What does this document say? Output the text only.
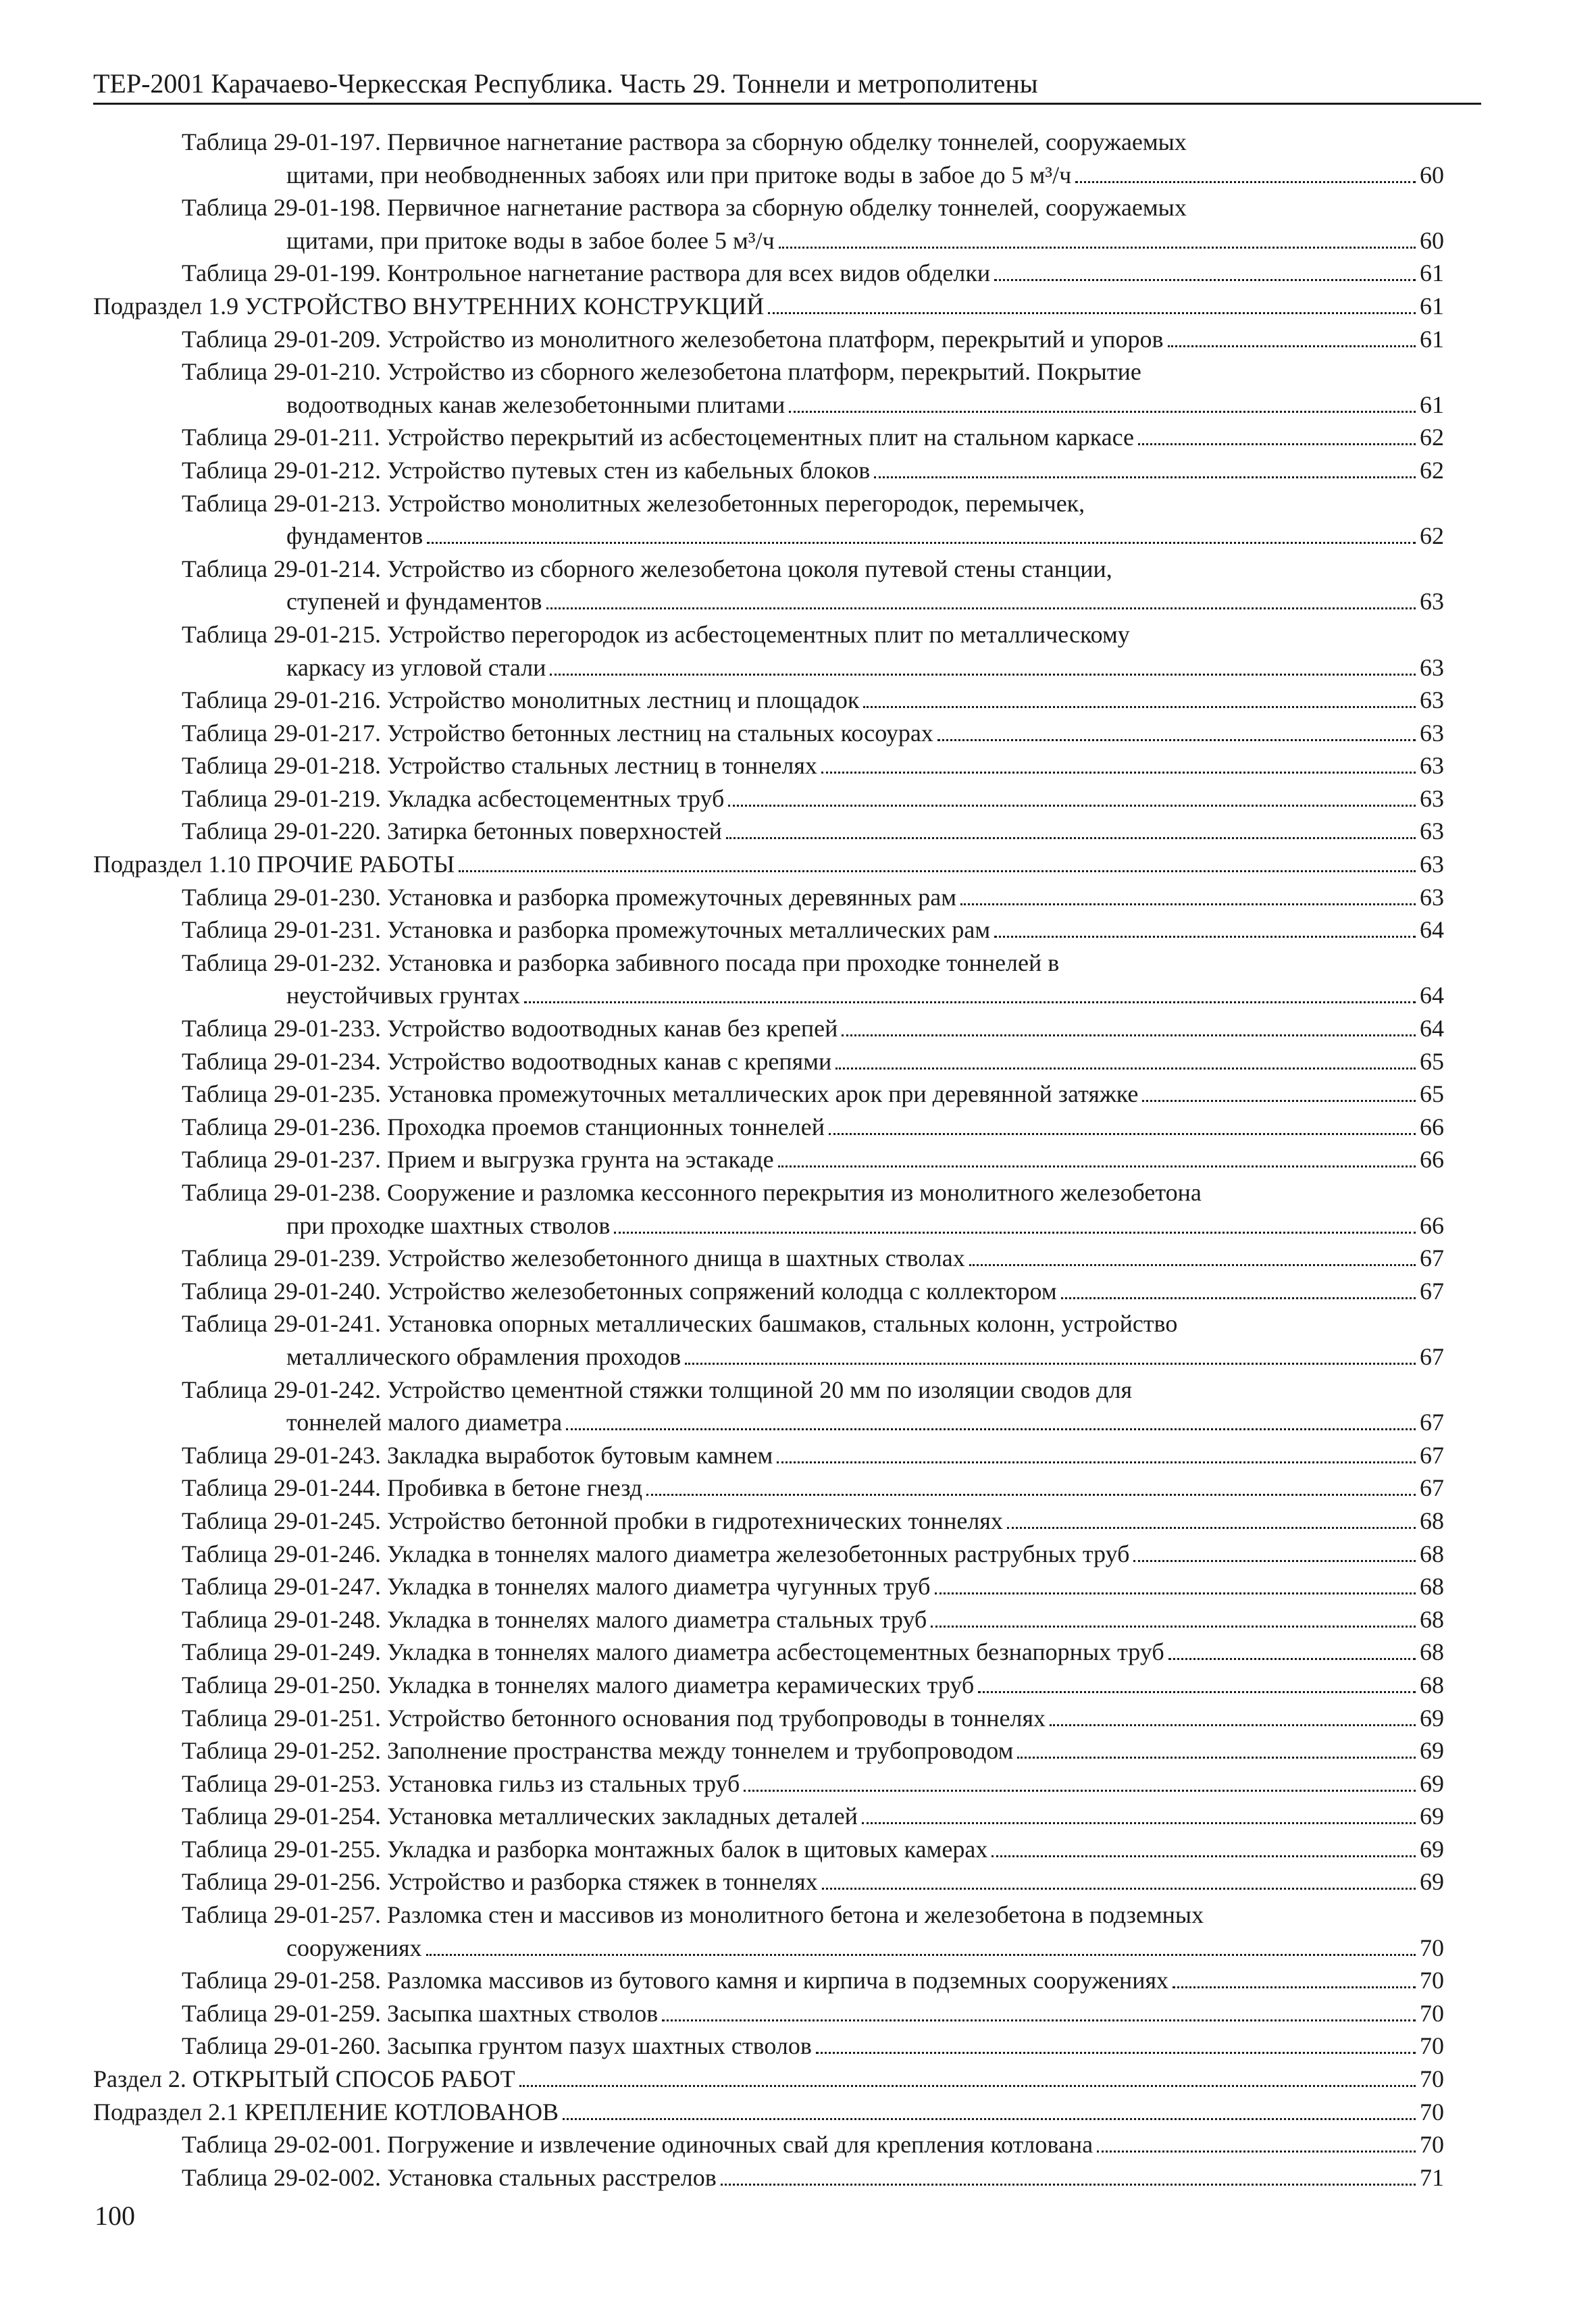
ТЕР-2001 Карачаево-Черкесская Республика. Часть 29. Тоннели и метрополитены
Таблица 29-01-197. Первичное нагнетание раствора за сборную обделку тоннелей, сооружаемых
щитами, при необводненных забоях или при притоке воды в забое до 5 м³/ч	60
Таблица 29-01-198. Первичное нагнетание раствора за сборную обделку тоннелей, сооружаемых
щитами, при притоке воды в забое более 5 м³/ч	60
Таблица 29-01-199. Контрольное нагнетание раствора для всех видов обделки	61
Подраздел 1.9 УСТРОЙСТВО ВНУТРЕННИХ КОНСТРУКЦИЙ	61
Таблица 29-01-209. Устройство из монолитного железобетона платформ, перекрытий и упоров	61
Таблица 29-01-210. Устройство из сборного железобетона платформ, перекрытий. Покрытие
водоотводных канав железобетонными плитами	61
Таблица 29-01-211. Устройство перекрытий из асбестоцементных плит на стальном каркасе	62
Таблица 29-01-212. Устройство путевых стен из кабельных блоков	62
Таблица 29-01-213. Устройство монолитных железобетонных перегородок, перемычек,
фундаментов	62
Таблица 29-01-214. Устройство из сборного железобетона цоколя путевой стены станции,
ступеней и фундаментов	63
Таблица 29-01-215. Устройство перегородок из асбестоцементных плит по металлическому
каркасу из угловой стали	63
Таблица 29-01-216. Устройство монолитных лестниц и площадок	63
Таблица 29-01-217. Устройство бетонных лестниц на стальных косоурах	63
Таблица 29-01-218. Устройство стальных лестниц в тоннелях	63
Таблица 29-01-219. Укладка асбестоцементных труб	63
Таблица 29-01-220. Затирка бетонных поверхностей	63
Подраздел 1.10 ПРОЧИЕ РАБОТЫ	63
Таблица 29-01-230. Установка и разборка промежуточных деревянных рам	63
Таблица 29-01-231. Установка и разборка промежуточных металлических рам	64
Таблица 29-01-232. Установка и разборка забивного посада при проходке тоннелей в
неустойчивых грунтах	64
Таблица 29-01-233. Устройство водоотводных канав без крепей	64
Таблица 29-01-234. Устройство водоотводных канав с крепями	65
Таблица 29-01-235. Установка промежуточных металлических арок при деревянной затяжке	65
Таблица 29-01-236. Проходка проемов станционных тоннелей	66
Таблица 29-01-237. Прием и выгрузка грунта на эстакаде	66
Таблица 29-01-238. Сооружение и разломка кессонного перекрытия из монолитного железобетона
при проходке шахтных стволов	66
Таблица 29-01-239. Устройство железобетонного днища в шахтных стволах	67
Таблица 29-01-240. Устройство железобетонных сопряжений колодца с коллектором	67
Таблица 29-01-241. Установка опорных металлических башмаков, стальных колонн, устройство
металлического обрамления проходов	67
Таблица 29-01-242. Устройство цементной стяжки толщиной 20 мм по изоляции сводов для
тоннелей малого диаметра	67
Таблица 29-01-243. Закладка выработок бутовым камнем	67
Таблица 29-01-244. Пробивка в бетоне гнезд	67
Таблица 29-01-245. Устройство бетонной пробки в гидротехнических тоннелях	68
Таблица 29-01-246. Укладка в тоннелях малого диаметра железобетонных раструбных труб	68
Таблица 29-01-247. Укладка в тоннелях малого диаметра чугунных труб	68
Таблица 29-01-248. Укладка в тоннелях малого диаметра стальных труб	68
Таблица 29-01-249. Укладка в тоннелях малого диаметра асбестоцементных безнапорных труб	68
Таблица 29-01-250. Укладка в тоннелях малого диаметра керамических труб	68
Таблица 29-01-251. Устройство бетонного основания под трубопроводы в тоннелях	69
Таблица 29-01-252. Заполнение пространства между тоннелем и трубопроводом	69
Таблица 29-01-253. Установка гильз из стальных труб	69
Таблица 29-01-254. Установка металлических закладных деталей	69
Таблица 29-01-255. Укладка и разборка монтажных балок в щитовых камерах	69
Таблица 29-01-256. Устройство и разборка стяжек в тоннелях	69
Таблица 29-01-257. Разломка стен и массивов из монолитного бетона и железобетона в подземных
сооружениях	70
Таблица 29-01-258. Разломка массивов из бутового камня и кирпича в подземных сооружениях	70
Таблица 29-01-259. Засыпка шахтных стволов	70
Таблица 29-01-260. Засыпка грунтом пазух шахтных стволов	70
Раздел 2. ОТКРЫТЫЙ СПОСОБ РАБОТ	70
Подраздел 2.1 КРЕПЛЕНИЕ КОТЛОВАНОВ	70
Таблица 29-02-001. Погружение и извлечение одиночных свай для крепления котлована	70
Таблица 29-02-002. Установка стальных расстрелов	71
100
